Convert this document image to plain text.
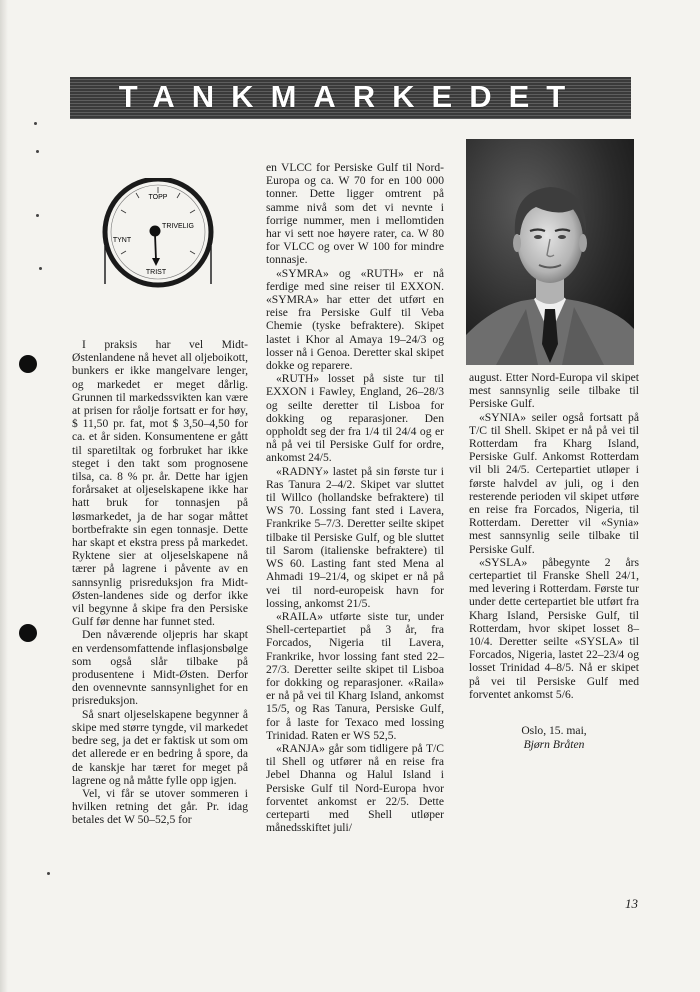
TANKMARKEDET
TOPP
TRIVELIG
TYNT
TRIST

I praksis har vel Midt-Østenlandene nå hevet all oljeboikott, bunkers er ikke mangelvare lenger, og markedet er meget dårlig. Grunnen til markedssvikten kan være at prisen for råolje fortsatt er for høy, $ 11,50 pr. fat, mot $ 3,50–4,50 for ca. et år siden. Konsumentene er gått til sparetiltak og forbruket har ikke steget i den takt som prognosene tilsa, ca. 8 % pr. år. Dette har igjen forårsaket at oljeselskapene ikke har hatt bruk for tonnasjen på løsmarkedet, ja de har sogar måttet bortbefrakte sin egen tonnasje. Dette har skapt et ekstra press på markedet. Ryktene sier at oljeselskapene nå tærer på lagrene i påvente av en sannsynlig prisreduksjon fra Midt-Østen-landenes side og derfor ikke vil begynne å skipe fra den Persiske Gulf før denne har funnet sted.

Den nåværende oljepris har skapt en verdensomfattende inflasjonsbølge som også slår tilbake på produsentene i Midt-Østen. Derfor den ovennevnte sannsynlighet for en prisreduksjon.

Så snart oljeselskapene begynner å skipe med større tyngde, vil markedet bedre seg, ja det er faktisk ut som om det allerede er en bedring å spore, da de kanskje har tæret for meget på lagrene og nå måtte fylle opp igjen.

Vel, vi får se utover sommeren i hvilken retning det går. Pr. idag betales det W 50–52,5 for

en VLCC for Persiske Gulf til Nord-Europa og ca. W 70 for en 100 000 tonner. Dette ligger omtrent på samme nivå som det vi nevnte i forrige nummer, men i mellomtiden har vi sett noe høyere rater, ca. W 80 for VLCC og over W 100 for mindre tonnasje.

«SYMRA» og «RUTH» er nå ferdige med sine reiser til EXXON. «SYMRA» har etter det utført en reise fra Persiske Gulf til Veba Chemie (tyske befraktere). Skipet lastet i Khor al Amaya 19–24/3 og losser nå i Genoa. Deretter skal skipet dokke og reparere.

«RUTH» losset på siste tur til EXXON i Fawley, England, 26–28/3 og seilte deretter til Lisboa for dokking og reparasjoner. Den oppholdt seg der fra 1/4 til 24/4 og er nå på vei til Persiske Gulf for ordre, ankomst 24/5.

«RADNY» lastet på sin første tur i Ras Tanura 2–4/2. Skipet var sluttet til Willco (hollandske befraktere) til WS 70. Lossing fant sted i Lavera, Frankrike 5–7/3. Deretter seilte skipet tilbake til Persiske Gulf, og ble sluttet til Sarom (italienske befraktere) til WS 60. Lasting fant sted Mena al Ahmadi 19–21/4, og skipet er nå på vei til nord-europeisk havn for lossing, ankomst 21/5.

«RAILA» utførte siste tur, under Shell-certepartiet på 3 år, fra Forcados, Nigeria til Lavera, Frankrike, hvor lossing fant sted 22–27/3. Deretter seilte skipet til Lisboa for dokking og reparasjoner. «Raila» er nå på vei til Kharg Island, ankomst 15/5, og Ras Tanura, Persiske Gulf, for å laste for Texaco med lossing Trinidad. Raten er WS 52,5.

«RANJA» går som tidligere på T/C til Shell og utfører nå en reise fra Jebel Dhanna og Halul Island i Persiske Gulf til Nord-Europa hvor forventet ankomst er 22/5. Dette certeparti med Shell utløper månedsskiftet juli/

august. Etter Nord-Europa vil skipet mest sannsynlig seile tilbake til Persiske Gulf.

«SYNIA» seiler også fortsatt på T/C til Shell. Skipet er nå på vei til Rotterdam fra Kharg Island, Persiske Gulf. Ankomst Rotterdam vil bli 24/5. Certepartiet utløper i første halvdel av juli, og i den resterende perioden vil skipet utføre en reise fra Forcados, Nigeria, til Rotterdam. Deretter vil «Synia» mest sannsynlig seile tilbake til Persiske Gulf.

«SYSLA» påbegynte 2 års certepartiet til Franske Shell 24/1, med levering i Rotterdam. Første tur under dette certepartiet ble utført fra Kharg Island, Persiske Gulf, til Rotterdam, hvor skipet losset 8–10/4. Deretter seilte «SYSLA» til Forcados, Nigeria, lastet 22–23/4 og losset Trinidad 4–8/5. Nå er skipet på vei til Persiske Gulf med forventet ankomst 5/6.

Oslo, 15. mai,
Bjørn Bråten
13
